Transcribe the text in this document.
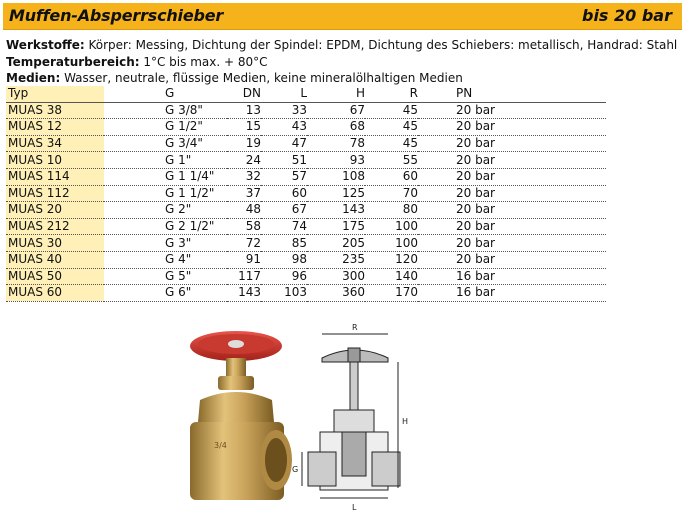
Muffen-Absperrschieber	bis 20 bar
Werkstoffe: Körper: Messing, Dichtung der Spindel: EPDM, Dichtung des Schiebers: metallisch, Handrad: Stahl
Temperaturbereich: 1°C bis max. + 80°C
Medien: Wasser, neutrale, flüssige Medien, keine mineralölhaltigen Medien
Typ	G	DN	L	H	R	PN
MUAS 38	G 3/8"	13	33	67	45	20 bar
MUAS 12	G 1/2"	15	43	68	45	20 bar
MUAS 34	G 3/4"	19	47	78	45	20 bar
MUAS 10	G 1"	24	51	93	55	20 bar
MUAS 114	G 1 1/4"	32	57	108	60	20 bar
MUAS 112	G 1 1/2"	37	60	125	70	20 bar
MUAS 20	G 2"	48	67	143	80	20 bar
MUAS 212	G 2 1/2"	58	74	175	100	20 bar
MUAS 30	G 3"	72	85	205	100	20 bar
MUAS 40	G 4"	91	98	235	120	20 bar
MUAS 50	G 5"	117	96	300	140	16 bar
MUAS 60	G 6"	143	103	360	170	16 bar
3/4
R
H
G
L
